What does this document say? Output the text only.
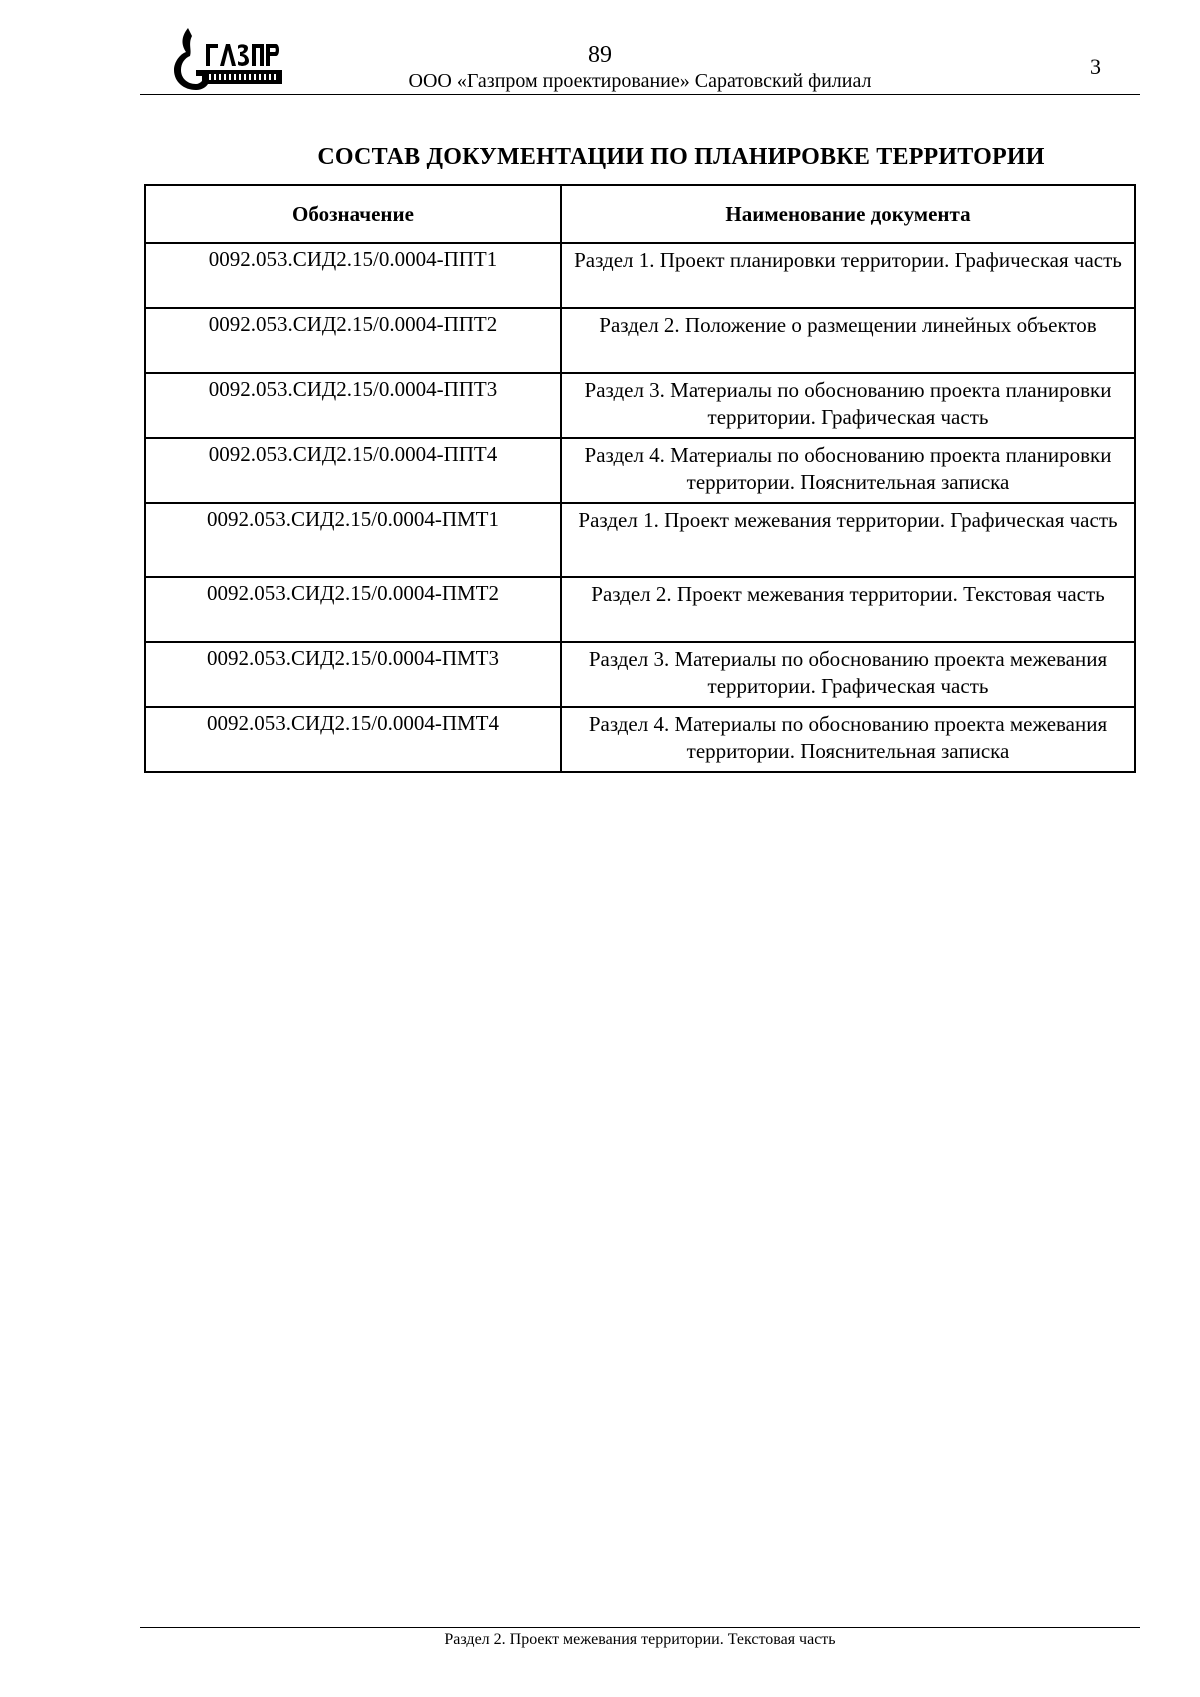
89
ООО «Газпром проектирование» Саратовский филиал
3
СОСТАВ ДОКУМЕНТАЦИИ ПО ПЛАНИРОВКЕ ТЕРРИТОРИИ
Обозначение	Наименование документа
0092.053.СИД2.15/0.0004-ППТ1	Раздел 1. Проект планировки территории. Графическая часть
0092.053.СИД2.15/0.0004-ППТ2	Раздел 2. Положение о размещении линейных объектов
0092.053.СИД2.15/0.0004-ППТ3	Раздел 3. Материалы по обоснованию проекта планировки территории. Графическая часть
0092.053.СИД2.15/0.0004-ППТ4	Раздел 4. Материалы по обоснованию проекта планировки территории. Пояснительная записка
0092.053.СИД2.15/0.0004-ПМТ1	Раздел 1. Проект межевания территории. Графическая часть
0092.053.СИД2.15/0.0004-ПМТ2	Раздел 2. Проект межевания территории. Текстовая часть
0092.053.СИД2.15/0.0004-ПМТ3	Раздел 3. Материалы по обоснованию проекта межевания территории. Графическая часть
0092.053.СИД2.15/0.0004-ПМТ4	Раздел 4. Материалы по обоснованию проекта межевания территории. Пояснительная записка
Раздел 2. Проект межевания территории. Текстовая часть
